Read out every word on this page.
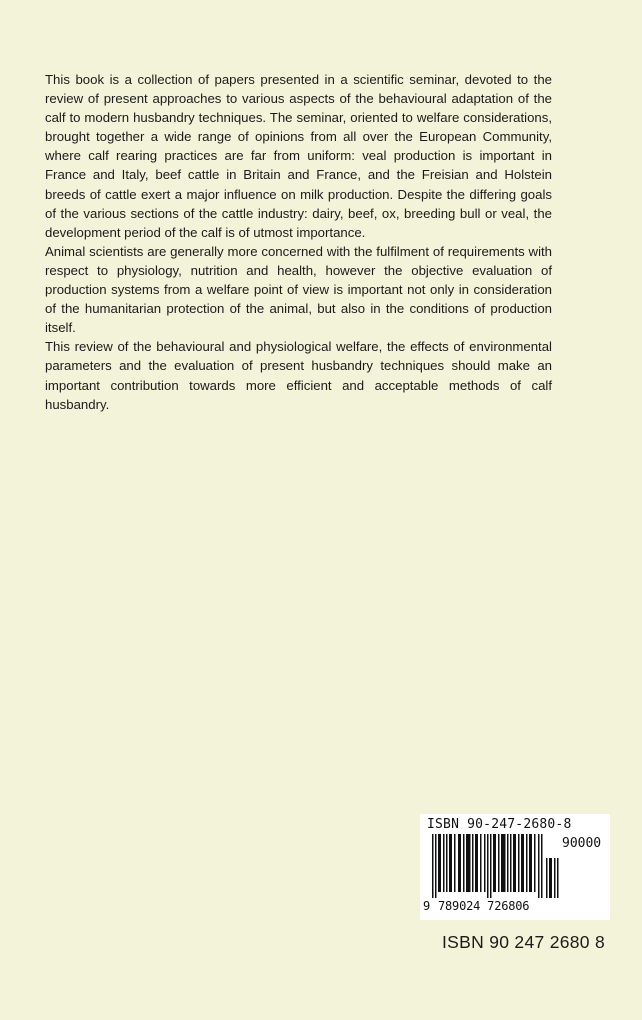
This book is a collection of papers presented in a scientific seminar, devoted to the review of present approaches to various aspects of the behavioural adaptation of the calf to modern husbandry techniques. The seminar, oriented to welfare considerations, brought together a wide range of opinions from all over the European Community, where calf rearing practices are far from uniform: veal production is important in France and Italy, beef cattle in Britain and France, and the Freisian and Holstein breeds of cattle exert a major influence on milk production. Despite the differing goals of the various sections of the cattle industry: dairy, beef, ox, breeding bull or veal, the development period of the calf is of utmost importance.

Animal scientists are generally more concerned with the fulfilment of requirements with respect to physiology, nutrition and health, however the objective evaluation of production systems from a welfare point of view is important not only in consideration of the humanitarian protection of the animal, but also in the conditions of production itself.

This review of the behavioural and physiological welfare, the effects of environmental parameters and the evaluation of present husbandry techniques should make an important contribution towards more efficient and acceptable methods of calf husbandry.

ISBN 90-247-2680-8
90000
9 789024 726806
ISBN 90 247 2680 8
